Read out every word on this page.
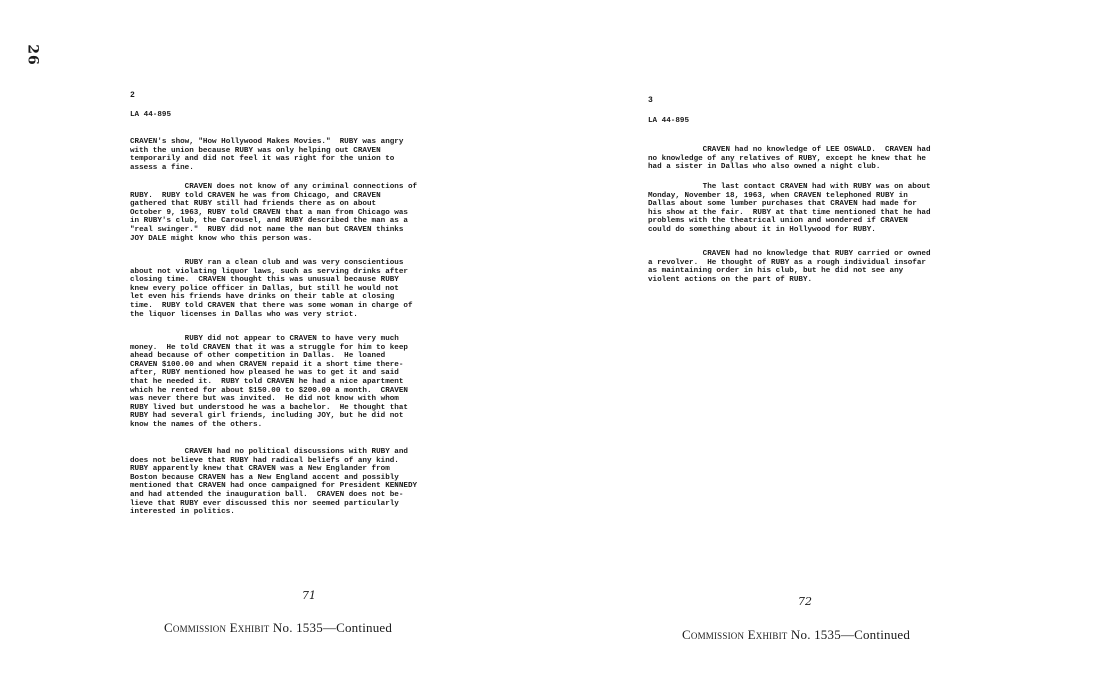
26
2
LA 44-895
CRAVEN's show, "How Hollywood Makes Movies."  RUBY was angry
with the union because RUBY was only helping out CRAVEN
temporarily and did not feel it was right for the union to
assess a fine.
CRAVEN does not know of any criminal connections of
RUBY.  RUBY told CRAVEN he was from Chicago, and CRAVEN
gathered that RUBY still had friends there as on about
October 9, 1963, RUBY told CRAVEN that a man from Chicago was
in RUBY's club, the Carousel, and RUBY described the man as a
"real swinger."  RUBY did not name the man but CRAVEN thinks
JOY DALE might know who this person was.
RUBY ran a clean club and was very conscientious
about not violating liquor laws, such as serving drinks after
closing time.  CRAVEN thought this was unusual because RUBY
knew every police officer in Dallas, but still he would not
let even his friends have drinks on their table at closing
time.  RUBY told CRAVEN that there was some woman in charge of
the liquor licenses in Dallas who was very strict.
RUBY did not appear to CRAVEN to have very much
money.  He told CRAVEN that it was a struggle for him to keep
ahead because of other competition in Dallas.  He loaned
CRAVEN $100.00 and when CRAVEN repaid it a short time there-
after, RUBY mentioned how pleased he was to get it and said
that he needed it.  RUBY told CRAVEN he had a nice apartment
which he rented for about $150.00 to $200.00 a month.  CRAVEN
was never there but was invited.  He did not know with whom
RUBY lived but understood he was a bachelor.  He thought that
RUBY had several girl friends, including JOY, but he did not
know the names of the others.
CRAVEN had no political discussions with RUBY and
does not believe that RUBY had radical beliefs of any kind.
RUBY apparently knew that CRAVEN was a New Englander from
Boston because CRAVEN has a New England accent and possibly
mentioned that CRAVEN had once campaigned for President KENNEDY
and had attended the inauguration ball.  CRAVEN does not be-
lieve that RUBY ever discussed this nor seemed particularly
interested in politics.
71
Commission Exhibit No. 1535—Continued
3
LA 44-895
CRAVEN had no knowledge of LEE OSWALD.  CRAVEN had
no knowledge of any relatives of RUBY, except he knew that he
had a sister in Dallas who also owned a night club.
The last contact CRAVEN had with RUBY was on about
Monday, November 18, 1963, when CRAVEN telephoned RUBY in
Dallas about some lumber purchases that CRAVEN had made for
his show at the fair.  RUBY at that time mentioned that he had
problems with the theatrical union and wondered if CRAVEN
could do something about it in Hollywood for RUBY.
CRAVEN had no knowledge that RUBY carried or owned
a revolver.  He thought of RUBY as a rough individual insofar
as maintaining order in his club, but he did not see any
violent actions on the part of RUBY.
72
Commission Exhibit No. 1535—Continued
